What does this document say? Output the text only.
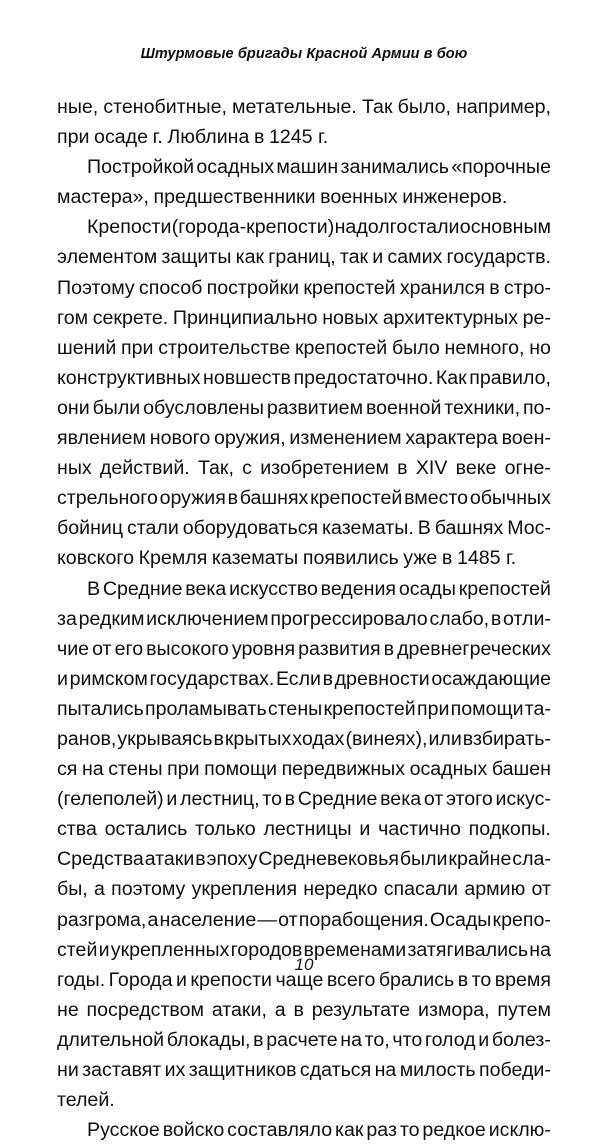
Штурмовые бригады Красной Армии в бою
ные, стенобитные, метательные. Так было, например,
при осаде г. Люблина в 1245 г.
Постройкой осадных машин занимались «порочные
мастера», предшественники военных инженеров.
Крепости (города-крепости) надолго стали основным
элементом защиты как границ, так и самих государств.
Поэтому способ постройки крепостей хранился в стро-
гом секрете. Принципиально новых архитектурных ре-
шений при строительстве крепостей было немного, но
конструктивных новшеств предостаточно. Как правило,
они были обусловлены развитием военной техники, по-
явлением нового оружия, изменением характера воен-
ных действий. Так, с изобретением в XIV веке огне-
стрельного оружия в башнях крепостей вместо обычных
бойниц стали оборудоваться казематы. В башнях Мос-
ковского Кремля казематы появились уже в 1485 г.
В Средние века искусство ведения осады крепостей
за редким исключением прогрессировало слабо, в отли-
чие от его высокого уровня развития в древнегреческих
и римском государствах. Если в древности осаждающие
пытались проламывать стены крепостей при помощи та-
ранов, укрываясь в крытых ходах (винеях), или взбирать-
ся на стены при помощи передвижных осадных башен
(гелеполей) и лестниц, то в Средние века от этого искус-
ства остались только лестницы и частично подкопы.
Средства атаки в эпоху Средневековья были крайне сла-
бы, а поэтому укрепления нередко спасали армию от
разгрома, а население — от порабощения. Осады крепо-
стей и укрепленных городов временами затягивались на
годы. Города и крепости чаще всего брались в то время
не посредством атаки, а в результате измора, путем
длительной блокады, в расчете на то, что голод и болез-
ни заставят их защитников сдаться на милость победи-
телей.
Русское войско составляло как раз то редкое исклю-
10
